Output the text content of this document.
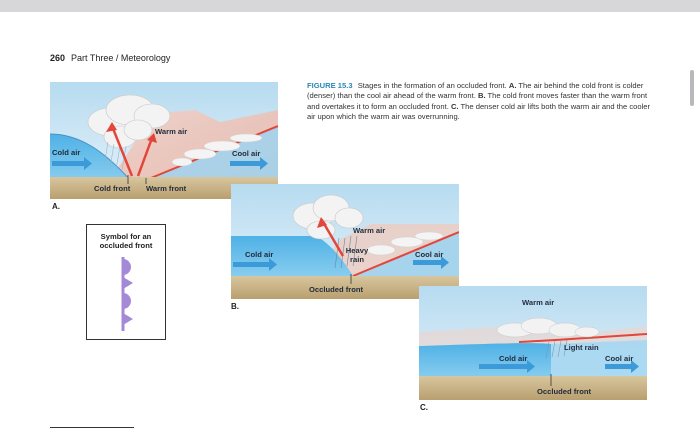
260 Part Three / Meteorology
FIGURE 15.3 Stages in the formation of an occluded front. A. The air behind the cold front is colder (denser) than the cool air ahead of the warm front. B. The cold front moves faster than the warm front and overtakes it to form an occluded front. C. The denser cold air lifts both the warm air and the cooler air upon which the warm air was overrunning.
Warm air
Cold air	Cool air
Cold front Warm front
A.
Symbol for an occluded front
Warm air
Cold air	Cool air
Heavy rain
Occluded front
B.	Warm air
Cold air	Cool air
Light rain
Occluded front
C.
